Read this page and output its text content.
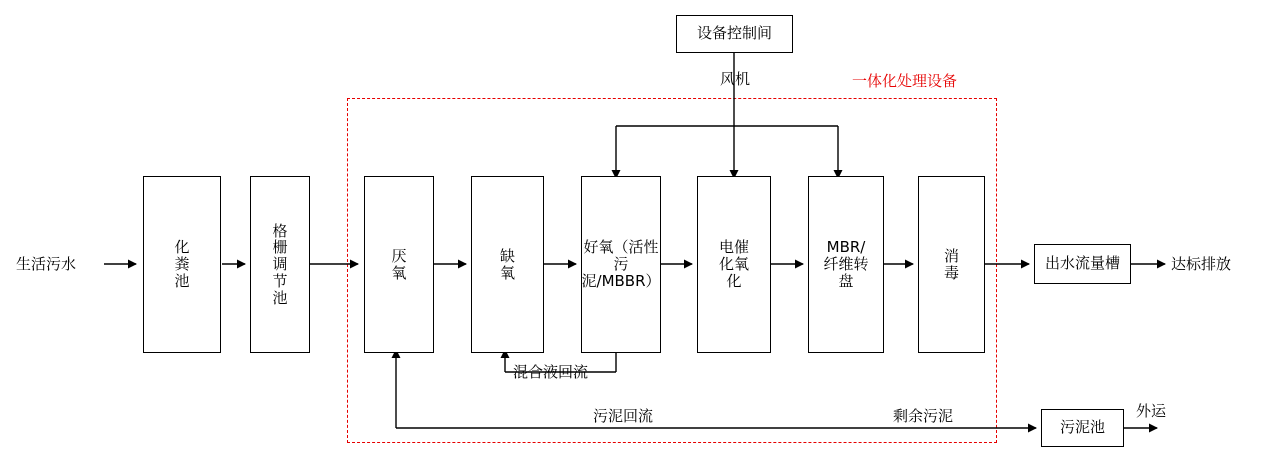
一体化处理设备
生活污水
化粪池
格栅调节池
厌氧
缺氧
好氧（活性污泥/MBBR）
电催化氧化
MBR/纤维转盘
消毒
出水流量槽	达标排放
设备控制间
污泥池
外运
风机
混合液回流
污泥回流	剩余污泥
